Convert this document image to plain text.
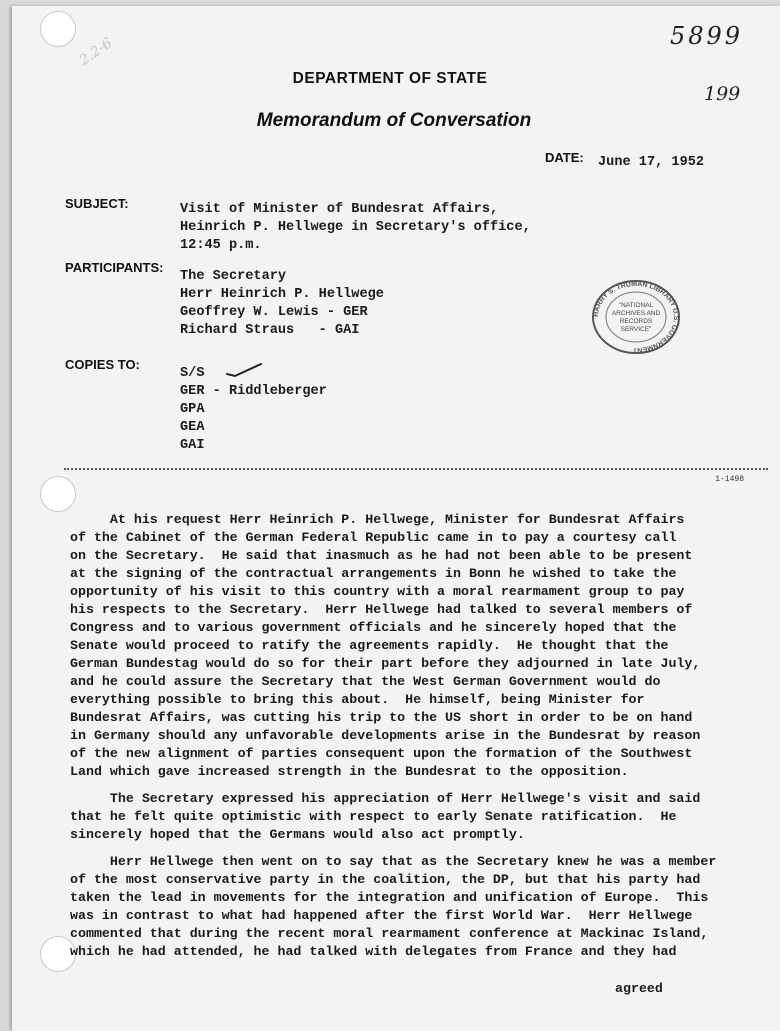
2.2-6	5899
199
DEPARTMENT OF STATE
Memorandum of Conversation
DATE: June 17, 1952
SUBJECT:	Visit of Minister of Bundesrat Affairs,
Heinrich P. Hellwege in Secretary's office,
12:45 p.m.
PARTICIPANTS:
The Secretary
Herr Heinrich P. Hellwege
Geoffrey W. Lewis - GER
Richard Straus   - GAI
COPIES TO:
S/S
GER - Riddleberger
GPA
GEA
GAI
HARRY S. TRUMAN LIBRARY U.S. GOVERNMENT
"NATIONAL
ARCHIVES AND
RECORDS
SERVICE"
1-1498
At his request Herr Heinrich P. Hellwege, Minister for Bundesrat Affairs
of the Cabinet of the German Federal Republic came in to pay a courtesy call
on the Secretary.  He said that inasmuch as he had not been able to be present
at the signing of the contractual arrangements in Bonn he wished to take the
opportunity of his visit to this country with a moral rearmament group to pay
his respects to the Secretary.  Herr Hellwege had talked to several members of
Congress and to various government officials and he sincerely hoped that the
Senate would proceed to ratify the agreements rapidly.  He thought that the
German Bundestag would do so for their part before they adjourned in late July,
and he could assure the Secretary that the West German Government would do
everything possible to bring this about.  He himself, being Minister for
Bundesrat Affairs, was cutting his trip to the US short in order to be on hand
in Germany should any unfavorable developments arise in the Bundesrat by reason
of the new alignment of parties consequent upon the formation of the Southwest
Land which gave increased strength in the Bundesrat to the opposition.
The Secretary expressed his appreciation of Herr Hellwege's visit and said
that he felt quite optimistic with respect to early Senate ratification.  He
sincerely hoped that the Germans would also act promptly.
Herr Hellwege then went on to say that as the Secretary knew he was a member
of the most conservative party in the coalition, the DP, but that his party had
taken the lead in movements for the integration and unification of Europe.  This
was in contrast to what had happened after the first World War.  Herr Hellwege
commented that during the recent moral rearmament conference at Mackinac Island,
which he had attended, he had talked with delegates from France and they had
agreed
